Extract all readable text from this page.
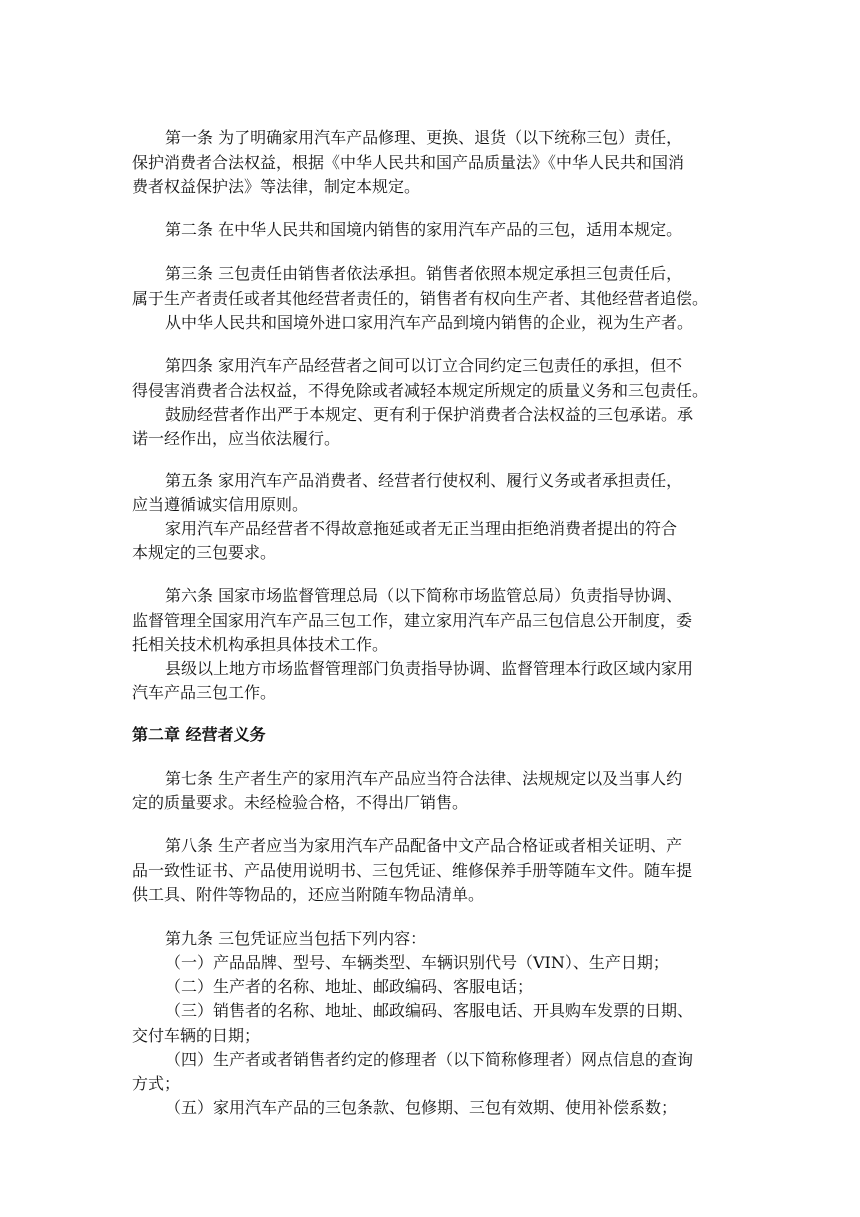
第一条 为了明确家用汽车产品修理、更换、退货（以下统称三包）责任，
保护消费者合法权益，根据《中华人民共和国产品质量法》《中华人民共和国消
费者权益保护法》等法律，制定本规定。
第二条 在中华人民共和国境内销售的家用汽车产品的三包，适用本规定。
第三条 三包责任由销售者依法承担。销售者依照本规定承担三包责任后，
属于生产者责任或者其他经营者责任的，销售者有权向生产者、其他经营者追偿。
从中华人民共和国境外进口家用汽车产品到境内销售的企业，视为生产者。
第四条 家用汽车产品经营者之间可以订立合同约定三包责任的承担，但不
得侵害消费者合法权益，不得免除或者减轻本规定所规定的质量义务和三包责任。
鼓励经营者作出严于本规定、更有利于保护消费者合法权益的三包承诺。承
诺一经作出，应当依法履行。
第五条 家用汽车产品消费者、经营者行使权利、履行义务或者承担责任，
应当遵循诚实信用原则。
家用汽车产品经营者不得故意拖延或者无正当理由拒绝消费者提出的符合
本规定的三包要求。
第六条 国家市场监督管理总局（以下简称市场监管总局）负责指导协调、
监督管理全国家用汽车产品三包工作，建立家用汽车产品三包信息公开制度，委
托相关技术机构承担具体技术工作。
县级以上地方市场监督管理部门负责指导协调、监督管理本行政区域内家用
汽车产品三包工作。
第二章 经营者义务
第七条 生产者生产的家用汽车产品应当符合法律、法规规定以及当事人约
定的质量要求。未经检验合格，不得出厂销售。
第八条 生产者应当为家用汽车产品配备中文产品合格证或者相关证明、产
品一致性证书、产品使用说明书、三包凭证、维修保养手册等随车文件。随车提
供工具、附件等物品的，还应当附随车物品清单。
第九条 三包凭证应当包括下列内容：
（一）产品品牌、型号、车辆类型、车辆识别代号（VIN）、生产日期；
（二）生产者的名称、地址、邮政编码、客服电话；
（三）销售者的名称、地址、邮政编码、客服电话、开具购车发票的日期、
交付车辆的日期；
（四）生产者或者销售者约定的修理者（以下简称修理者）网点信息的查询
方式；
（五）家用汽车产品的三包条款、包修期、三包有效期、使用补偿系数；
